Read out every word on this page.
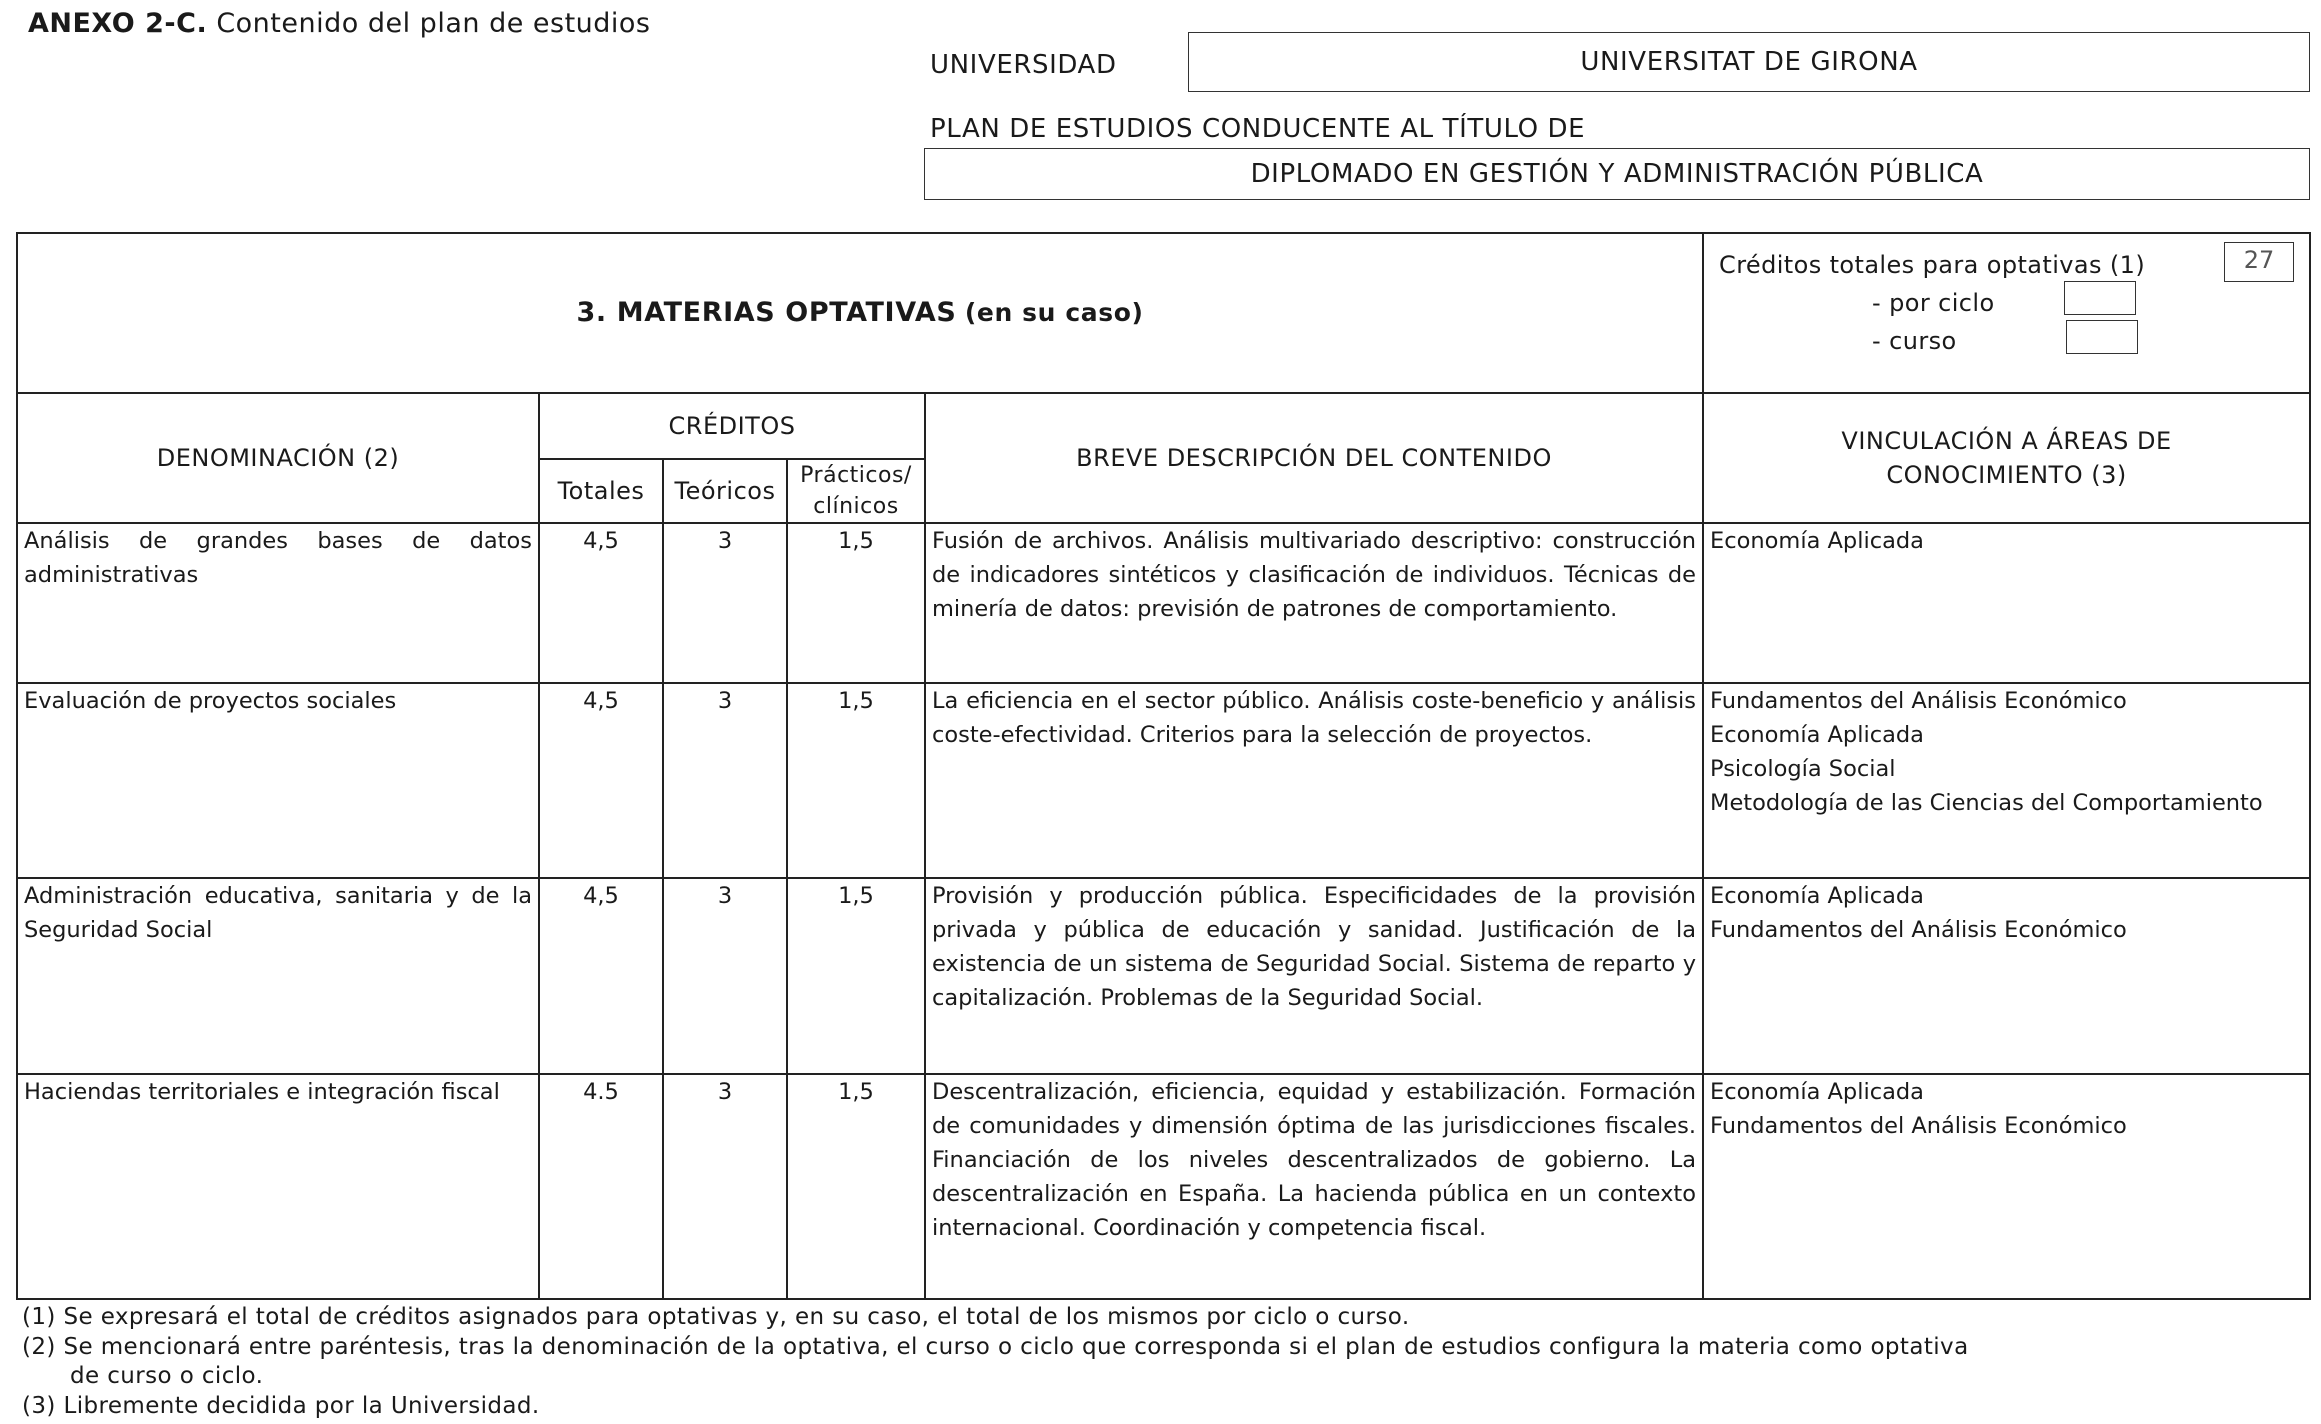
ANEXO 2-C. Contenido del plan de estudios
UNIVERSIDAD	UNIVERSITAT DE GIRONA
PLAN DE ESTUDIOS CONDUCENTE AL TÍTULO DE
DIPLOMADO EN GESTIÓN Y ADMINISTRACIÓN PÚBLICA
3. MATERIAS OPTATIVAS (en su caso)					Créditos totales para optativas (1) 27
- por ciclo
- curso

DENOMINACIÓN (2)	CRÉDITOS			BREVE DESCRIPCIÓN DEL CONTENIDO	VINCULACIÓN A ÁREAS DE CONOCIMIENTO (3)
	Totales	Teóricos	Prácticos/ clínicos		
Análisis de grandes bases de datos administrativas	4,5	3	1,5	Fusión de archivos. Análisis multivariado descriptivo: construcción de indicadores sintéticos y clasificación de individuos. Técnicas de minería de datos: previsión de patrones de comportamiento.	Economía Aplicada

Evaluación de proyectos sociales	4,5	3	1,5	La eficiencia en el sector público. Análisis coste-beneficio y análisis coste-efectividad. Criterios para la selección de proyectos.	Fundamentos del Análisis Económico
Economía Aplicada
Psicología Social
Metodología de las Ciencias del Comportamiento

Administración educativa, sanitaria y de la Seguridad Social	4,5	3	1,5	Provisión y producción pública. Especificidades de la provisión privada y pública de educación y sanidad. Justificación de la existencia de un sistema de Seguridad Social. Sistema de reparto y capitalización. Problemas de la Seguridad Social.	Economía Aplicada
Fundamentos del Análisis Económico

Haciendas territoriales e integración fiscal	4.5	3	1,5	Descentralización, eficiencia, equidad y estabilización. Formación de comunidades y dimensión óptima de las jurisdicciones fiscales. Financiación de los niveles descentralizados de gobierno. La descentralización en España. La hacienda pública en un contexto internacional. Coordinación y competencia fiscal.	Economía Aplicada
Fundamentos del Análisis Económico
(1) Se expresará el total de créditos asignados para optativas y, en su caso, el total de los mismos por ciclo o curso.
(2) Se mencionará entre paréntesis, tras la denominación de la optativa, el curso o ciclo que corresponda si el plan de estudios configura la materia como optativa
de curso o ciclo.
(3) Libremente decidida por la Universidad.
